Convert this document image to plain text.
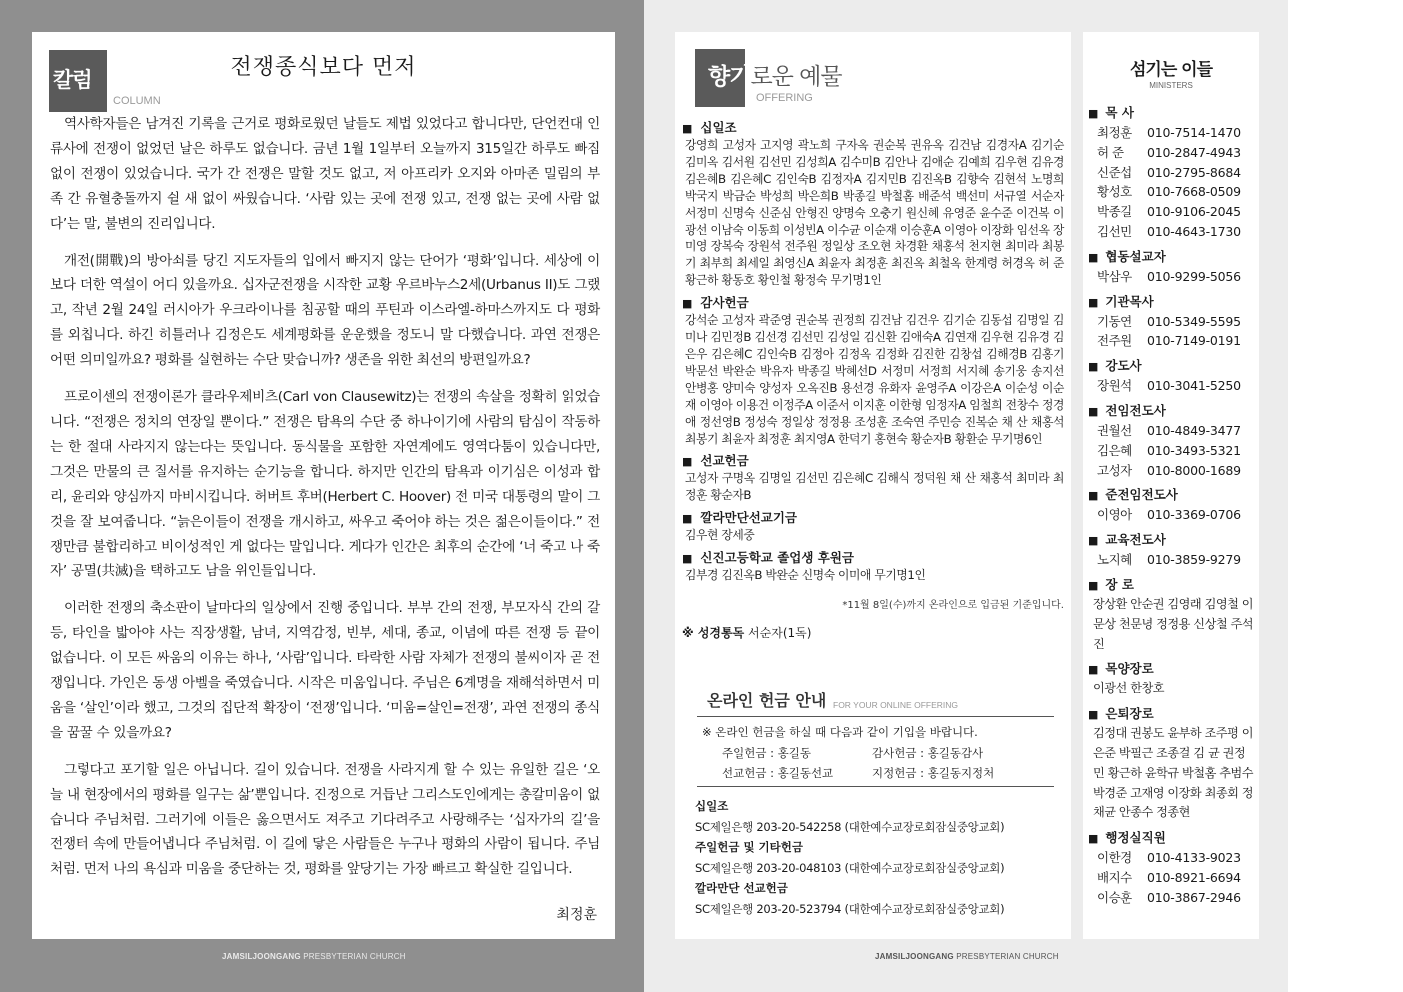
칼럼
COLUMN
전쟁종식보다 먼저

역사학자들은 남겨진 기록을 근거로 평화로웠던 날들도 제법 있었다고 합니다만, 단언컨대 인류사에 전쟁이 없었던 날은 하루도 없습니다. 금년 1월 1일부터 오늘까지 315일간 하루도 빠짐없이 전쟁이 있었습니다. 국가 간 전쟁은 말할 것도 없고, 저 아프리카 오지와 아마존 밀림의 부족 간 유혈충돌까지 쉴 새 없이 싸웠습니다. ‘사람 있는 곳에 전쟁 있고, 전쟁 없는 곳에 사람 없다’는 말, 불변의 진리입니다.

개전(開戰)의 방아쇠를 당긴 지도자들의 입에서 빠지지 않는 단어가 ‘평화’입니다. 세상에 이보다 더한 역설이 어디 있을까요. 십자군전쟁을 시작한 교황 우르바누스2세(Urbanus II)도 그랬고, 작년 2월 24일 러시아가 우크라이나를 침공할 때의 푸틴과 이스라엘-하마스까지도 다 평화를 외칩니다. 하긴 히틀러나 김정은도 세계평화를 운운했을 정도니 말 다했습니다. 과연 전쟁은 어떤 의미일까요? 평화를 실현하는 수단 맞습니까? 생존을 위한 최선의 방편일까요?

프로이센의 전쟁이론가 클라우제비츠(Carl von Clausewitz)는 전쟁의 속살을 정확히 읽었습니다. “전쟁은 정치의 연장일 뿐이다.” 전쟁은 탐욕의 수단 중 하나이기에 사람의 탐심이 작동하는 한 절대 사라지지 않는다는 뜻입니다. 동식물을 포함한 자연계에도 영역다툼이 있습니다만, 그것은 만물의 큰 질서를 유지하는 순기능을 합니다. 하지만 인간의 탐욕과 이기심은 이성과 합리, 윤리와 양심까지 마비시킵니다. 허버트 후버(Herbert C. Hoover) 전 미국 대통령의 말이 그것을 잘 보여줍니다. “늙은이들이 전쟁을 개시하고, 싸우고 죽어야 하는 것은 젊은이들이다.” 전쟁만큼 불합리하고 비이성적인 게 없다는 말입니다. 게다가 인간은 최후의 순간에 ‘너 죽고 나 죽자’ 공멸(共滅)을 택하고도 남을 위인들입니다.

이러한 전쟁의 축소판이 날마다의 일상에서 진행 중입니다. 부부 간의 전쟁, 부모자식 간의 갈등, 타인을 밟아야 사는 직장생활, 남녀, 지역감정, 빈부, 세대, 종교, 이념에 따른 전쟁 등 끝이 없습니다. 이 모든 싸움의 이유는 하나, ‘사람’입니다. 타락한 사람 자체가 전쟁의 불씨이자 곧 전쟁입니다. 가인은 동생 아벨을 죽였습니다. 시작은 미움입니다. 주님은 6계명을 재해석하면서 미움을 ‘살인’이라 했고, 그것의 집단적 확장이 ‘전쟁’입니다. ‘미움=살인=전쟁’, 과연 전쟁의 종식을 꿈꿀 수 있을까요?

그렇다고 포기할 일은 아닙니다. 길이 있습니다. 전쟁을 사라지게 할 수 있는 유일한 길은 ‘오늘 내 현장에서의 평화를 일구는 삶’뿐입니다. 진정으로 거듭난 그리스도인에게는 총칼미움이 없습니다 주님처럼. 그러기에 이들은 옳으면서도 져주고 기다려주고 사랑해주는 ‘십자가의 길’을 전쟁터 속에 만들어냅니다 주님처럼. 이 길에 닿은 사람들은 누구나 평화의 사람이 됩니다. 주님처럼. 먼저 나의 욕심과 미움을 중단하는 것, 평화를 앞당기는 가장 빠르고 확실한 길입니다.

최정훈
JAMSILJOONGANG PRESBYTERIAN CHURCH
향기로운 예물
OFFERING
■ 십일조
강영희 고성자 고지영 곽노희 구자옥 권순복 권유옥 김건남 김경자A 김기순 김미옥 김서원 김선민 김성희A 김수미B 김안나 김애순 김예희 김우현 김유경 김은혜B 김은혜C 김인숙B 김정자A 김지민B 김진옥B 김향숙 김현석 노명희 박국지 박금순 박성희 박은희B 박종길 박철홈 배준석 백선미 서규열 서순자 서정미 신명숙 신준심 안형진 양명숙 오충기 원신혜 유영준 윤수준 이건복 이광선 이남숙 이동희 이성빈A 이수균 이순재 이승훈A 이영아 이장화 임선옥 장미영 장복숙 장원석 전주원 정일상 조오현 차경환 채홍석 천지현 최미라 최봉기 최부희 최세일 최영신A 최윤자 최정훈 최진옥 최철옥 한계령 허경옥 허 준 황근하 황동호 황인철 황정숙 무기명1인
■ 감사헌금
강석순 고성자 곽준영 권순복 권정희 김건남 김건우 김기순 김동섭 김명일 김미나 김민정B 김선경 김선민 김성일 김신환 김애숙A 김연재 김우현 김유경 김은우 김은혜C 김인숙B 김정아 김정옥 김정화 김진한 김창섭 김해경B 김홍기 박문선 박완순 박유자 박종길 박혜선D 서정미 서정희 서지혜 송기웅 송지선 안병홍 양미숙 양성자 오옥진B 용선경 유화자 윤영주A 이강은A 이순성 이순재 이영아 이용건 이정주A 이준서 이지훈 이한형 임정자A 임철희 전창수 정경애 정선영B 정성숙 정일상 정정용 조성훈 조숙연 주민승 진복순 채 산 채홍석 최봉기 최윤자 최정훈 최지영A 한덕기 홍현숙 황순자B 황환순 무기명6인
■ 선교헌금
고성자 구명옥 김명일 김선민 김은혜C 김해식 정덕원 채 산 채홍석 최미라 최정훈 황순자B
■ 깔라만단선교기금
김우현 장세중
■ 신진고등학교 졸업생 후원금
김부경 김진옥B 박완순 신명숙 이미애 무기명1인
*11월 8일(수)까지 온라인으로 입금된 기준입니다.
※ 성경통독 서순자(1독)
온라인 헌금 안내 FOR YOUR ONLINE OFFERING
※ 온라인 헌금을 하실 때 다음과 같이 기입을 바랍니다.
주일헌금 : 홍길동	감사헌금 : 홍길동감사
선교헌금 : 홍길동선교	지정헌금 : 홍길동지정처
십일조
SC제일은행 203-20-542258 (대한예수교장로회잠실중앙교회)
주일헌금 및 기타헌금
SC제일은행 203-20-048103 (대한예수교장로회잠실중앙교회)
깔라만단 선교헌금
SC제일은행 203-20-523794 (대한예수교장로회잠실중앙교회)
섬기는 이들
MINISTERS
■ 목 사
최정훈	010-7514-1470
허 준	010-2847-4943
신준섭	010-2795-8684
황성호	010-7668-0509
박종길	010-9106-2045
김선민	010-4643-1730
■ 협동설교자
박삼우	010-9299-5056
■ 기관목사
기동연	010-5349-5595
전주원	010-7149-0191
■ 강도사
장원석	010-3041-5250
■ 전임전도사
권월선	010-4849-3477
김은혜	010-3493-5321
고성자	010-8000-1689
■ 준전임전도사
이영아	010-3369-0706
■ 교육전도사
노지혜	010-3859-9279
■ 장 로
장상환 안순권 김영래 김영철 이문상 천문녕 정정용 신상철 주석진
■ 목양장로
이광선 한창호
■ 은퇴장로
김정대 권봉도 윤부하 조주평 이은준 박필근 조종걸 김 균 권정민 황근하 윤학규 박철홈 추범수 박경준 고재영 이장화 최종회 정채균 안종수 정종현
■ 행정실직원
이한경	010-4133-9023
배지수	010-8921-6694
이승훈	010-3867-2946
JAMSILJOONGANG PRESBYTERIAN CHURCH
